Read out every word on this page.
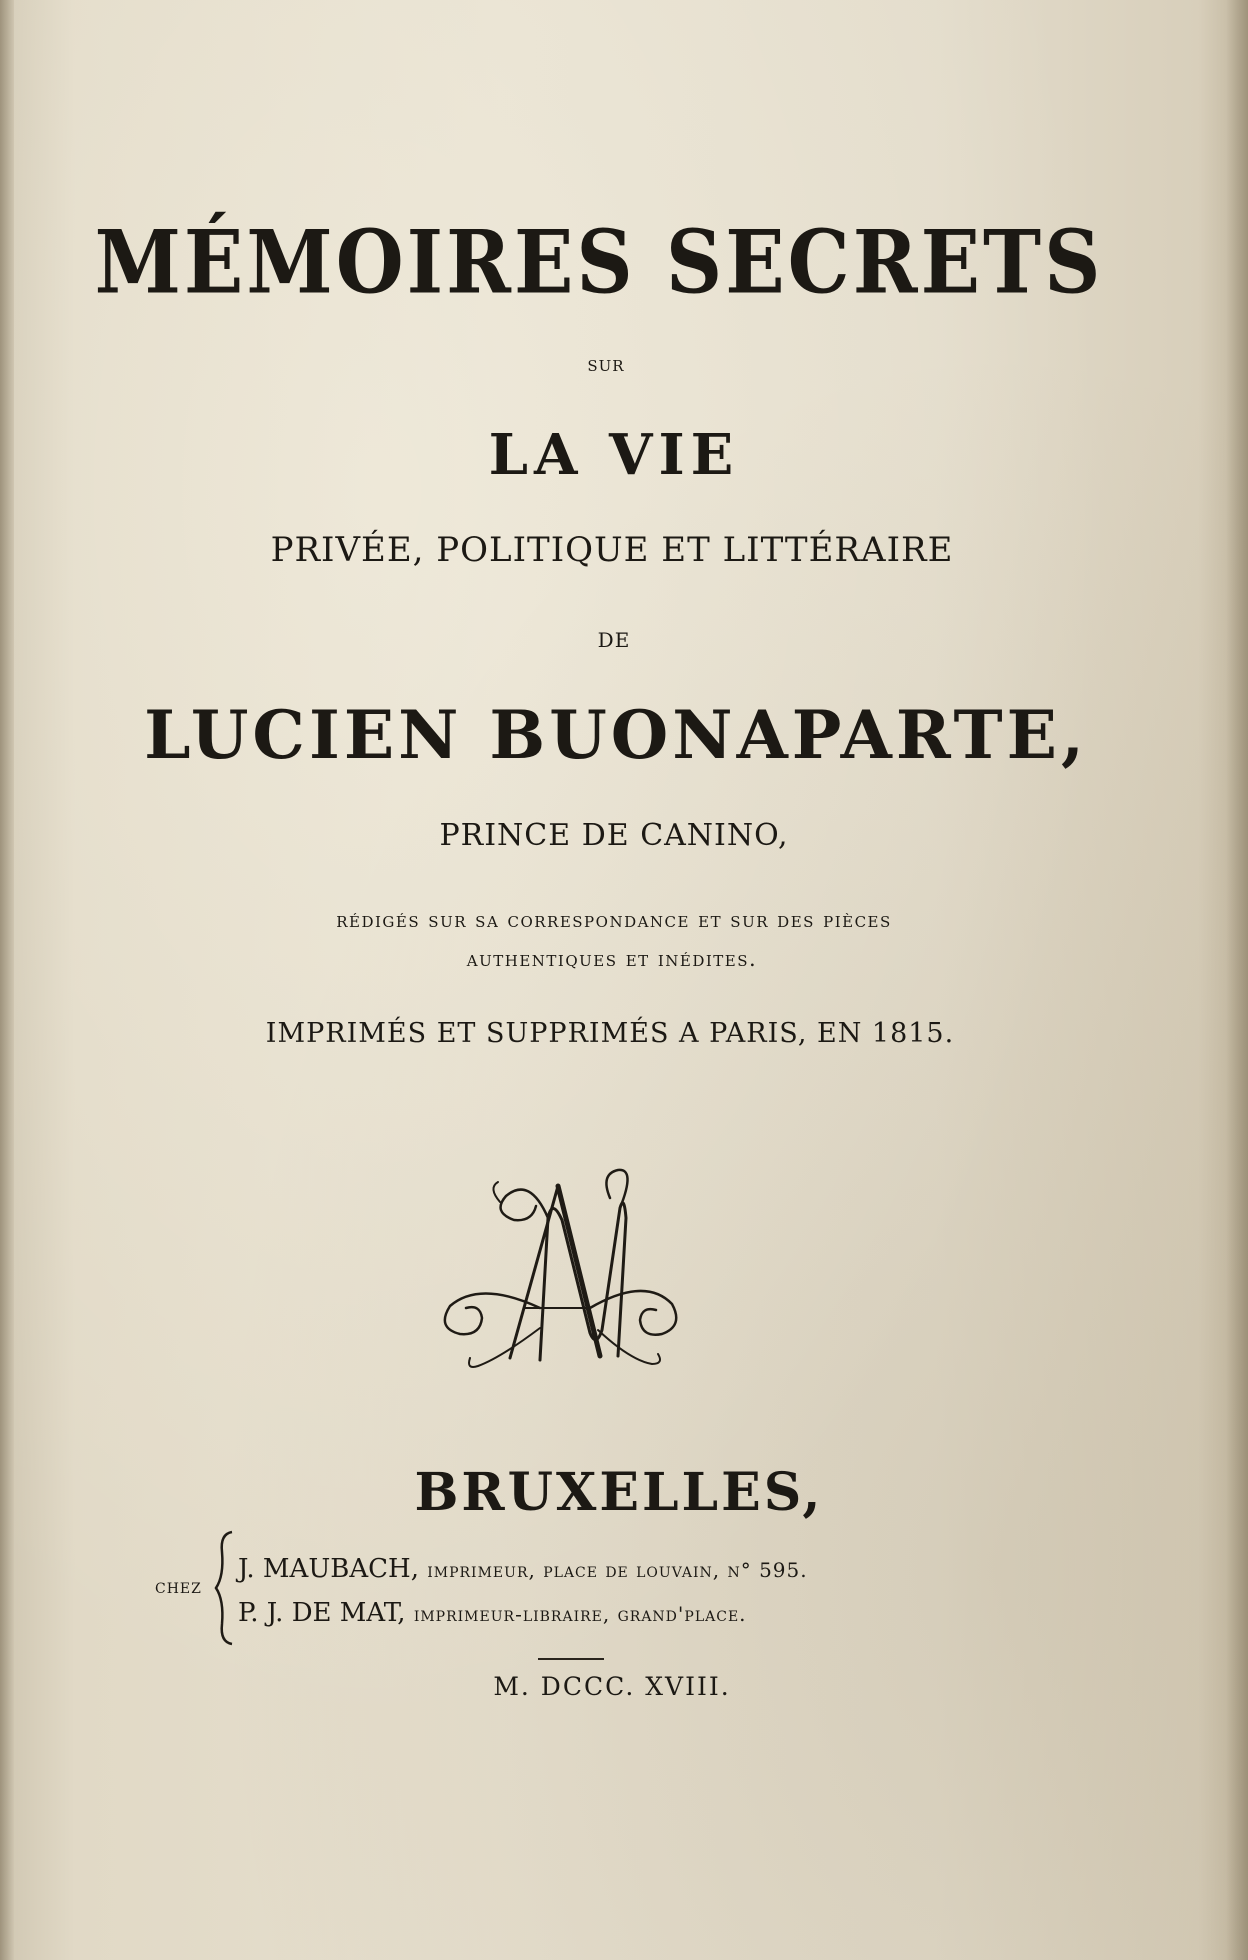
MÉMOIRES SECRETS
sur
LA VIE
PRIVÉE, POLITIQUE ET LITTÉRAIRE
DE
LUCIEN BUONAPARTE,
PRINCE DE CANINO,
rédigés sur sa correspondance et sur des pièces
authentiques et inédites.
IMPRIMÉS ET SUPPRIMÉS A PARIS, EN 1815.
BRUXELLES,
chez
J. MAUBACH, imprimeur, place de louvain, n° 595.
P. J. DE MAT, imprimeur-libraire, grand'place.
M. DCCC. XVIII.
